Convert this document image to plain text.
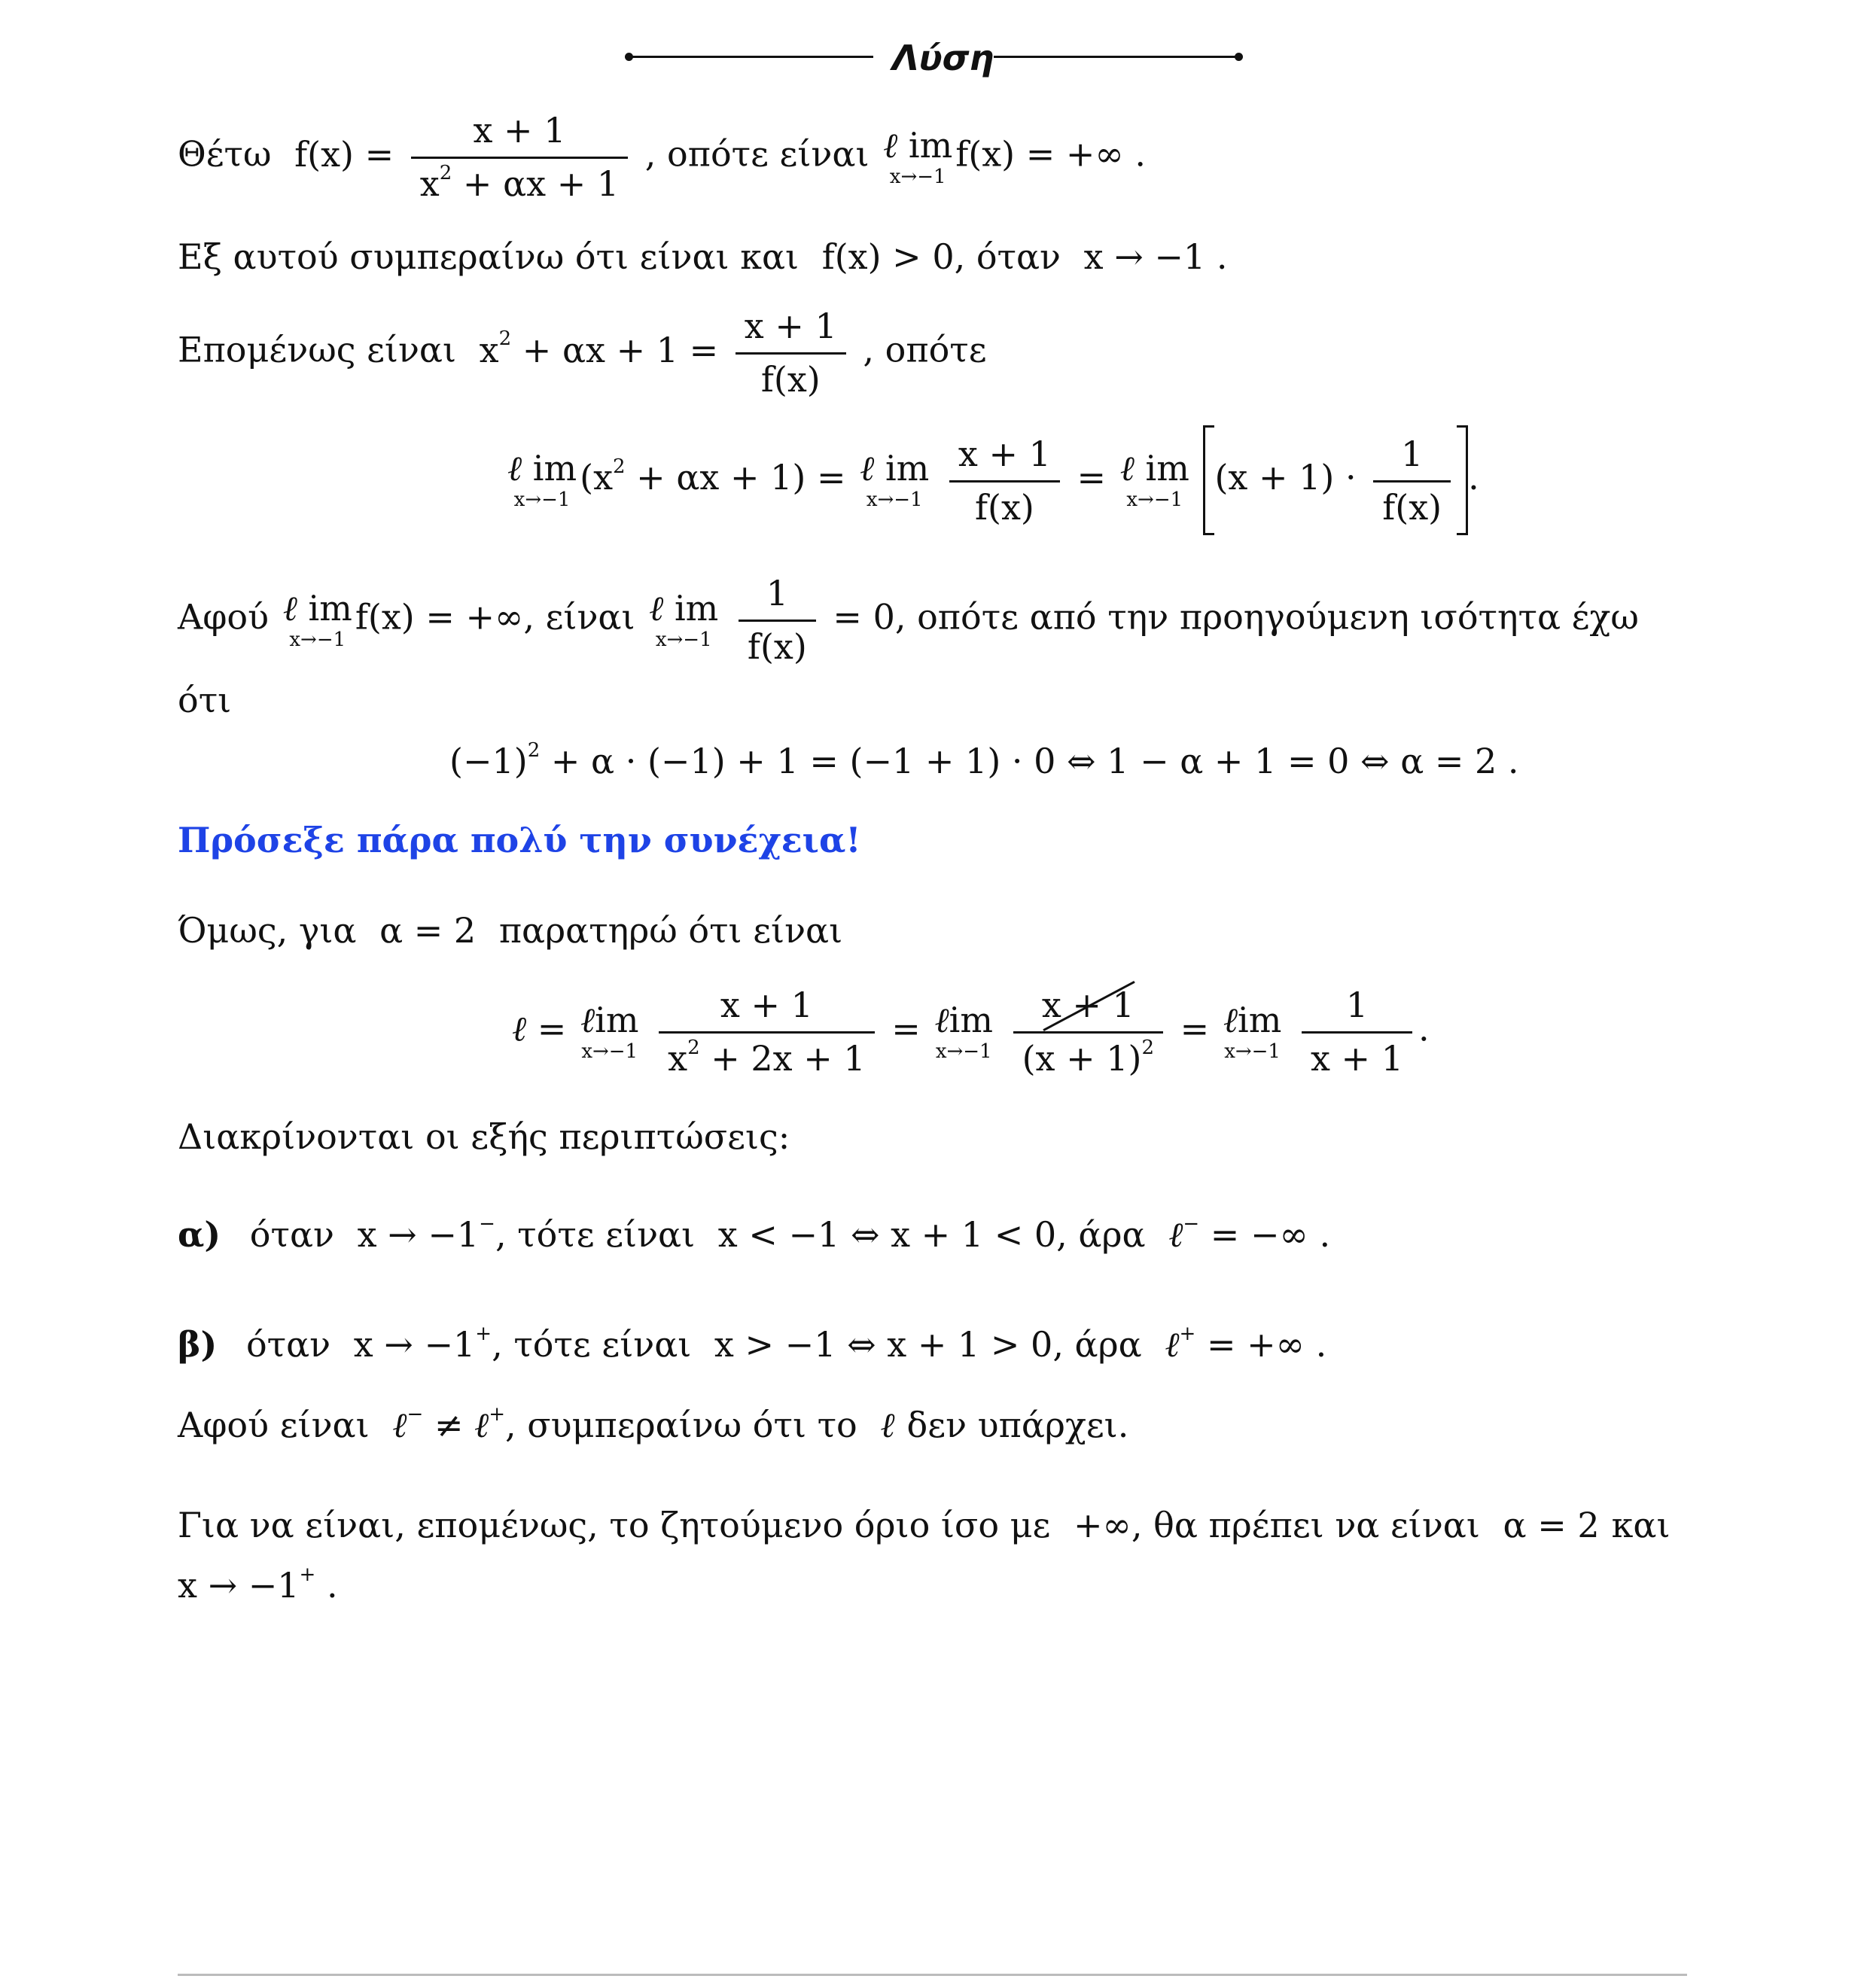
Λύση
Θέτω $f(x) = \frac{x + 1}{x^2 + \alpha x + 1}$ , οπότε είναι ℓ im
x→−1
f(x) = +∞ .
Εξ αυτού συμπεραίνω ότι είναι και f(x) > 0, όταν x → −1 .
Επομένως είναι $x^2 + \alpha x + 1 = \frac{x + 1}{f(x)}$ , οπότε
ℓ im
x→−1
$(x^2 + \alpha x + 1)$ = ℓ im
x→−1
$\frac{x + 1}{f(x)}$ = ℓ im
x→−1
$(x + 1) \cdot \frac{1}{f(x)}$ .
Αφού ℓ im
x→−1
f(x) = +∞, είναι ℓ im
x→−1
$\frac{1}{f(x)} = 0$, οπότε από την προηγούμενη ισότητα έχω
ότι
$(-1)^2 + \alpha \cdot (-1) + 1 = (-1 + 1) \cdot 0$ ⇔ 1 − α + 1 = 0 ⇔ α = 2 .
Πρόσεξε πάρα πολύ την συνέχεια!
Όμως, για α = 2 παρατηρώ ότι είναι
ℓ = ℓim
x→−1
$\frac{x + 1}{x^2 + 2x + 1}$ = ℓim
x→−1
$\frac{x + 1}{(x + 1)^2}$ = ℓim
x→−1
$\frac{1}{x + 1}$ .
Διακρίνονται οι εξής περιπτώσεις:
α) όταν x → −1−, τότε είναι x < −1 ⇔ x + 1 < 0, άρα ℓ− = −∞ .
β) όταν x → −1+, τότε είναι x > −1 ⇔ x + 1 > 0, άρα ℓ+ = +∞ .
Αφού είναι ℓ− ≠ ℓ+, συμπεραίνω ότι το ℓ δεν υπάρχει.
Για να είναι, επομένως, το ζητούμενο όριο ίσο με +∞, θα πρέπει να είναι α = 2 και
x → −1+ .
